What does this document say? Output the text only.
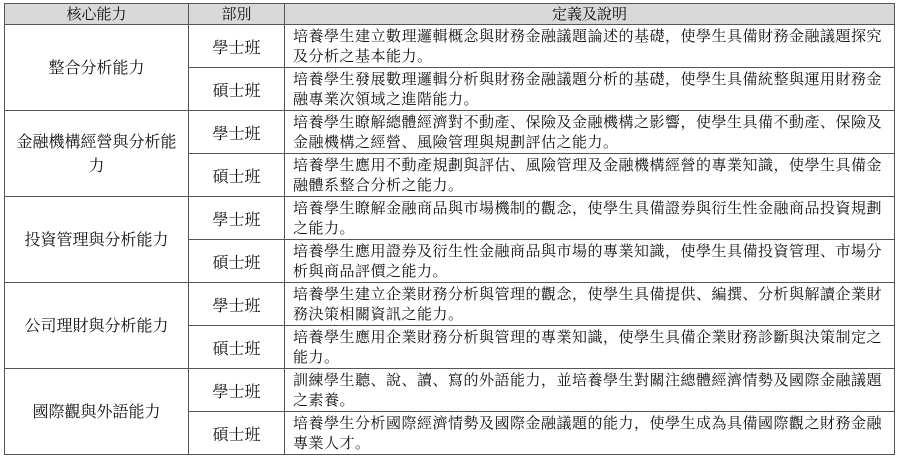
核心能力	部別	定義及說明
整合分析能力	學士班	培養學生建立數理邏輯概念與財務金融議題論述的基礎，使學生具備財務金融議題探究及分析之基本能力。
	碩士班	培養學生發展數理邏輯分析與財務金融議題分析的基礎，使學生具備統整與運用財務金融專業次領域之進階能力。
金融機構經營與分析能力	學士班	培養學生瞭解總體經濟對不動產、保險及金融機構之影響，使學生具備不動產、保險及金融機構之經營、風險管理與規劃評估之能力。
	碩士班	培養學生應用不動產規劃與評估、風險管理及金融機構經營的專業知識，使學生具備金融體系整合分析之能力。
投資管理與分析能力	學士班	培養學生瞭解金融商品與市場機制的觀念，使學生具備證券與衍生性金融商品投資規劃之能力。
	碩士班	培養學生應用證券及衍生性金融商品與市場的專業知識，使學生具備投資管理、市場分析與商品評價之能力。
公司理財與分析能力	學士班	培養學生建立企業財務分析與管理的觀念，使學生具備提供、編撰、分析與解讀企業財務決策相關資訊之能力。
	碩士班	培養學生應用企業財務分析與管理的專業知識，使學生具備企業財務診斷與決策制定之能力。
國際觀與外語能力	學士班	訓練學生聽、說、讀、寫的外語能力，並培養學生對關注總體經濟情勢及國際金融議題之素養。
	碩士班	培養學生分析國際經濟情勢及國際金融議題的能力，使學生成為具備國際觀之財務金融專業人才。
